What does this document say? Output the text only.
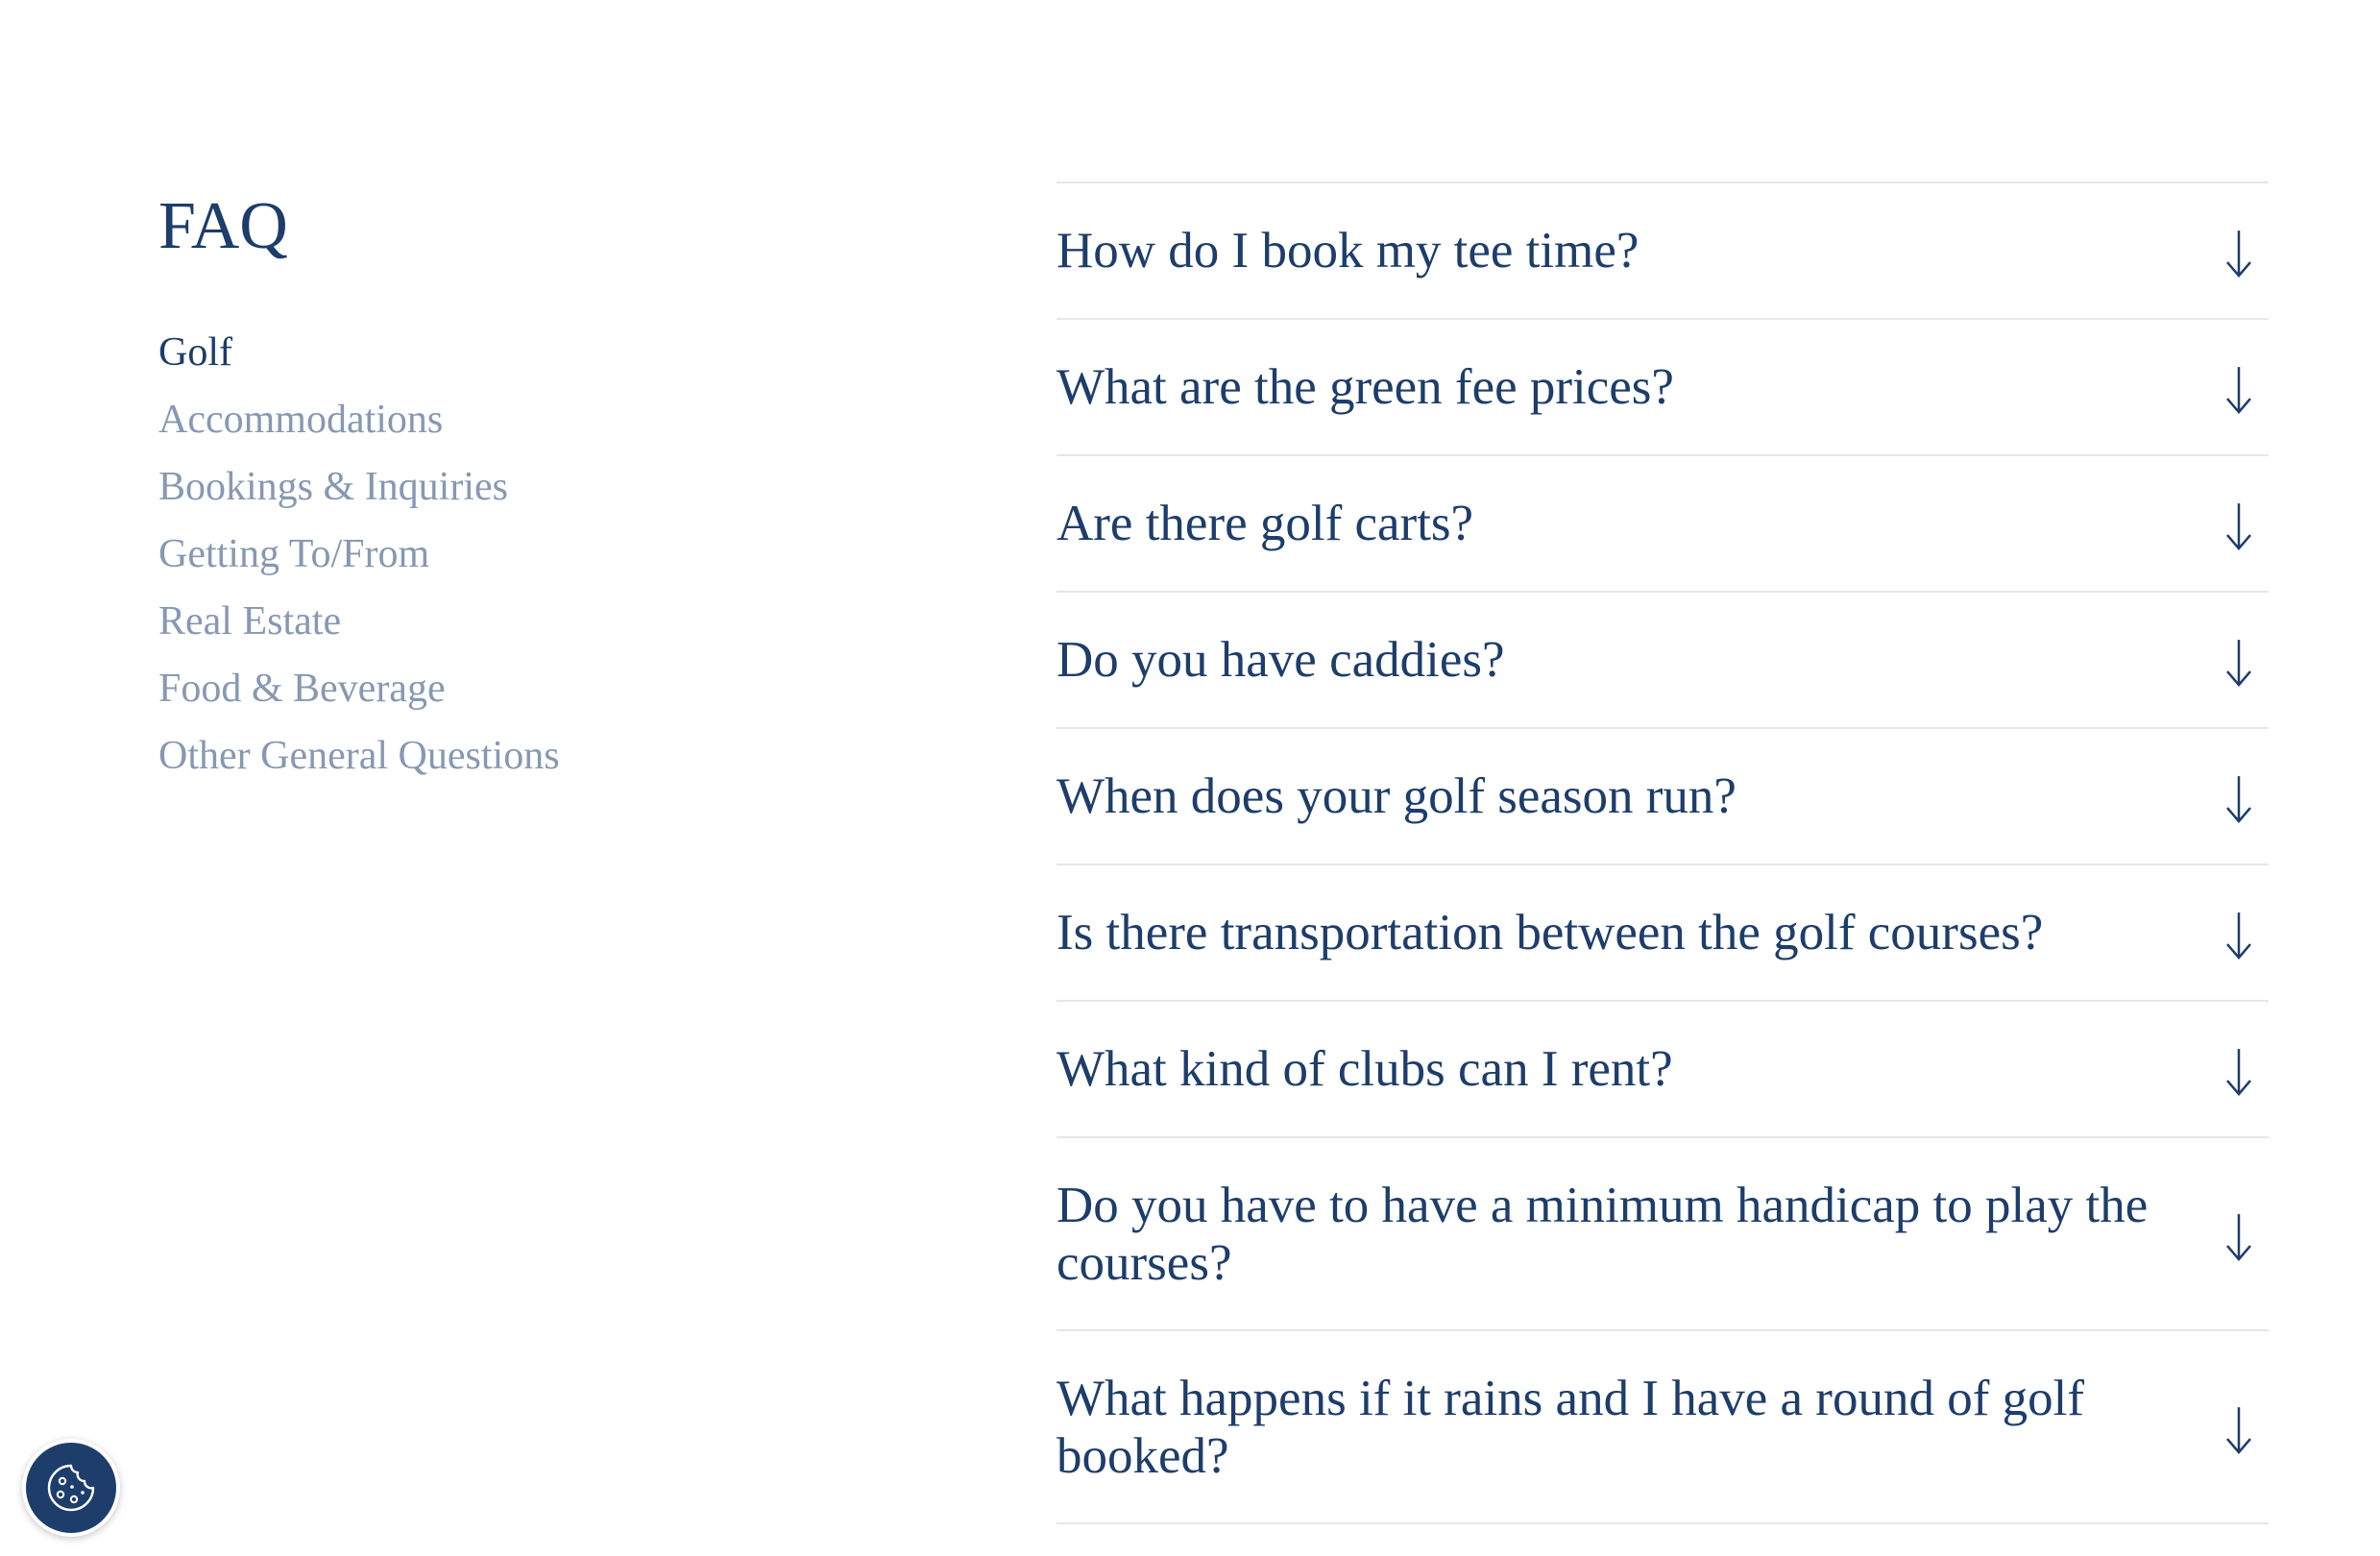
FAQ
Golf
Accommodations
Bookings & Inquiries
Getting To/From
Real Estate
Food & Beverage
Other General Questions
How do I book my tee time?
What are the green fee prices?
Are there golf carts?
Do you have caddies?
When does your golf season run?
Is there transportation between the golf courses?
What kind of clubs can I rent?
Do you have to have a minimum handicap to play the courses?
What happens if it rains and I have a round of golf booked?
